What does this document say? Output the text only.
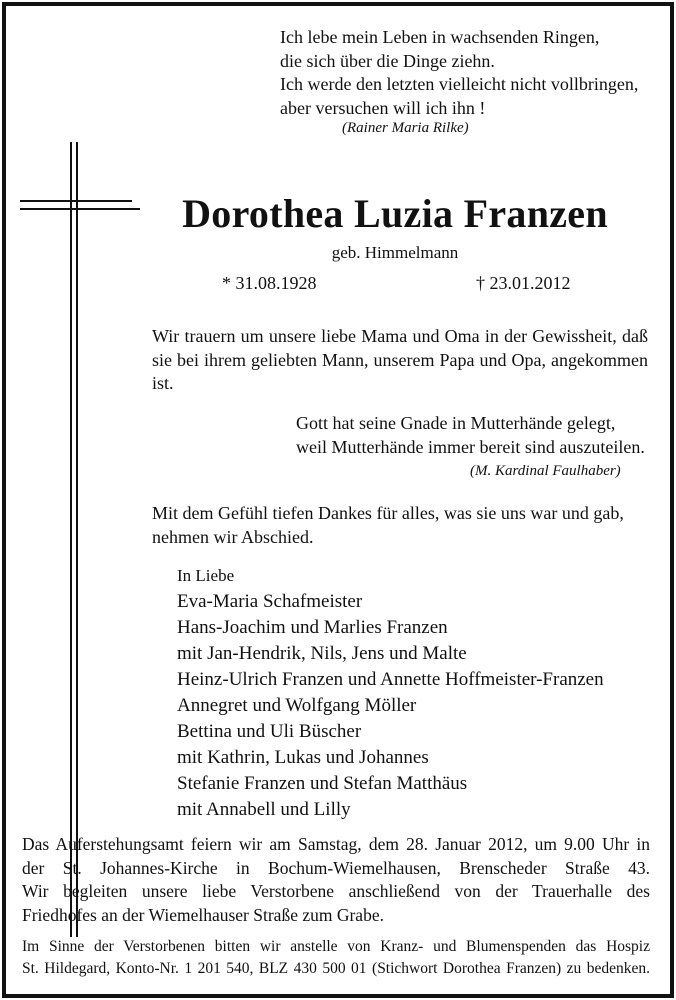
Ich lebe mein Leben in wachsenden Ringen,
die sich über die Dinge ziehn.
Ich werde den letzten vielleicht nicht vollbringen,
aber versuchen will ich ihn !
(Rainer Maria Rilke)
Dorothea Luzia Franzen
geb. Himmelmann
* 31.08.1928	† 23.01.2012
Wir trauern um unsere liebe Mama und Oma in der Gewissheit, daß sie bei ihrem geliebten Mann, unserem Papa und Opa, angekommen ist.
Gott hat seine Gnade in Mutterhände gelegt,
weil Mutterhände immer bereit sind auszuteilen.
(M. Kardinal Faulhaber)
Mit dem Gefühl tiefen Dankes für alles, was sie uns war und gab, nehmen wir Abschied.
In Liebe
Eva-Maria Schafmeister
Hans-Joachim und Marlies Franzen
mit Jan-Hendrik, Nils, Jens und Malte
Heinz-Ulrich Franzen und Annette Hoffmeister-Franzen
Annegret und Wolfgang Möller
Bettina und Uli Büscher
mit Kathrin, Lukas und Johannes
Stefanie Franzen und Stefan Matthäus
mit Annabell und Lilly
Das Auferstehungsamt feiern wir am Samstag, dem 28. Januar 2012, um 9.00 Uhr in
der St. Johannes-Kirche in Bochum-Wiemelhausen, Brenscheder Straße 43.
Wir begleiten unsere liebe Verstorbene anschließend von der Trauerhalle des
Friedhofes an der Wiemelhauser Straße zum Grabe.
Im Sinne der Verstorbenen bitten wir anstelle von Kranz- und Blumenspenden das Hospiz
St. Hildegard, Konto-Nr. 1 201 540, BLZ 430 500 01 (Stichwort Dorothea Franzen) zu bedenken.
